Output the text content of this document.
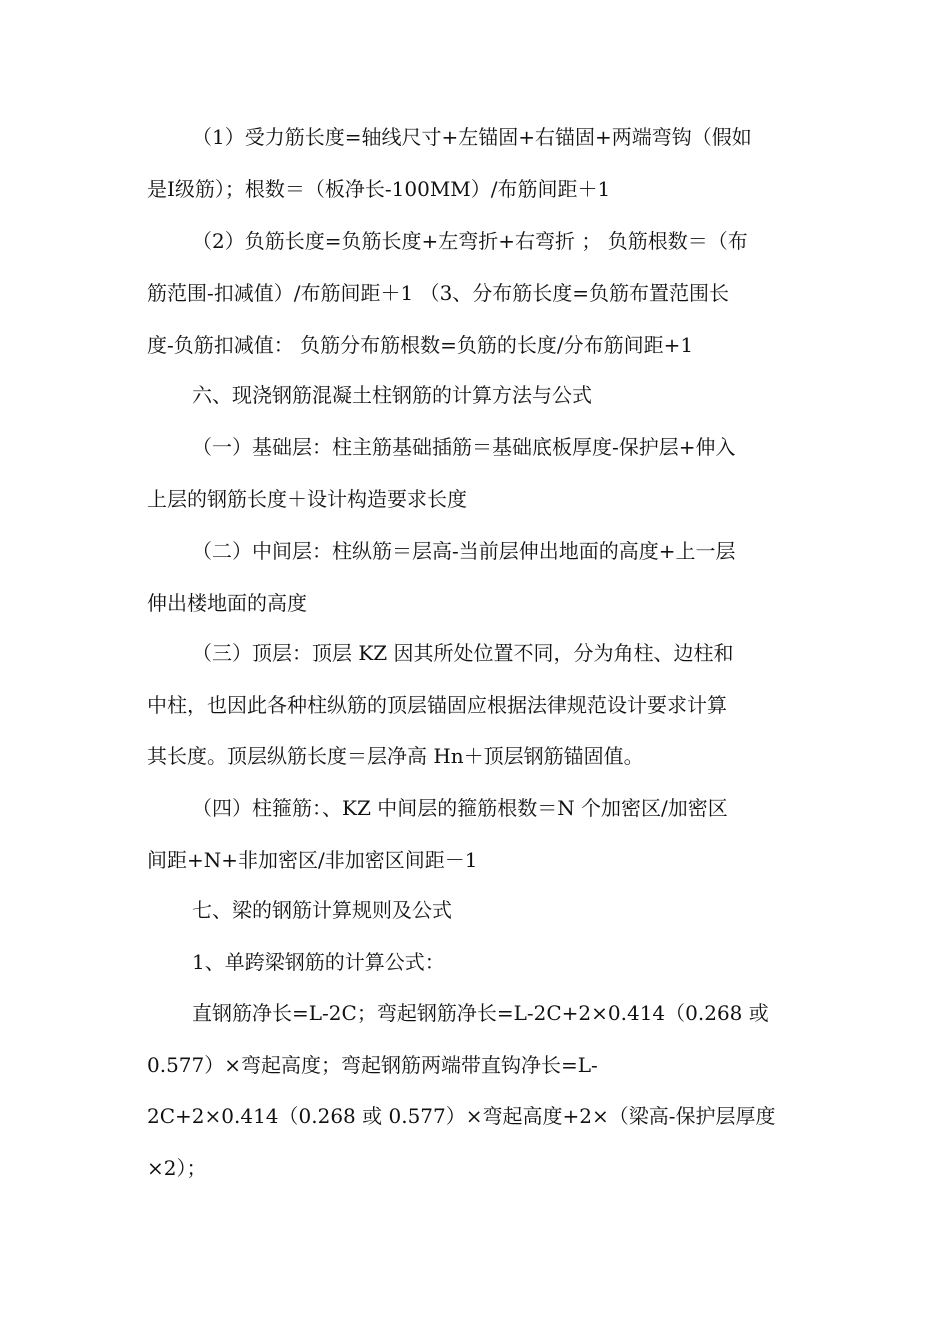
（1）受力筋长度=轴线尺寸+左锚固+右锚固+两端弯钩（假如

是Ⅰ级筋）；根数＝（板净长-100MM）/布筋间距＋1

（2）负筋长度=负筋长度+左弯折+右弯折 ； 负筋根数＝（布

筋范围-扣减值）/布筋间距＋1 （3、分布筋长度=负筋布置范围长

度-负筋扣减值： 负筋分布筋根数=负筋的长度/分布筋间距+1

六、现浇钢筋混凝土柱钢筋的计算方法与公式

（一）基础层：柱主筋基础插筋＝基础底板厚度-保护层+伸入

上层的钢筋长度＋设计构造要求长度

（二）中间层：柱纵筋＝层高-当前层伸出地面的高度+上一层

伸出楼地面的高度

（三）顶层：顶层 KZ 因其所处位置不同，分为角柱、边柱和

中柱，也因此各种柱纵筋的顶层锚固应根据法律规范设计要求计算

其长度。顶层纵筋长度＝层净高 Hn＋顶层钢筋锚固值。

（四）柱箍筋：、KZ 中间层的箍筋根数＝N 个加密区/加密区

间距+N+非加密区/非加密区间距－1

七、梁的钢筋计算规则及公式

1、单跨梁钢筋的计算公式：

直钢筋净长=L-2C；弯起钢筋净长=L-2C+2×0.414（0.268 或

0.577）×弯起高度；弯起钢筋两端带直钩净长=L-

2C+2×0.414（0.268 或 0.577）×弯起高度+2×（梁高-保护层厚度

×2）；
